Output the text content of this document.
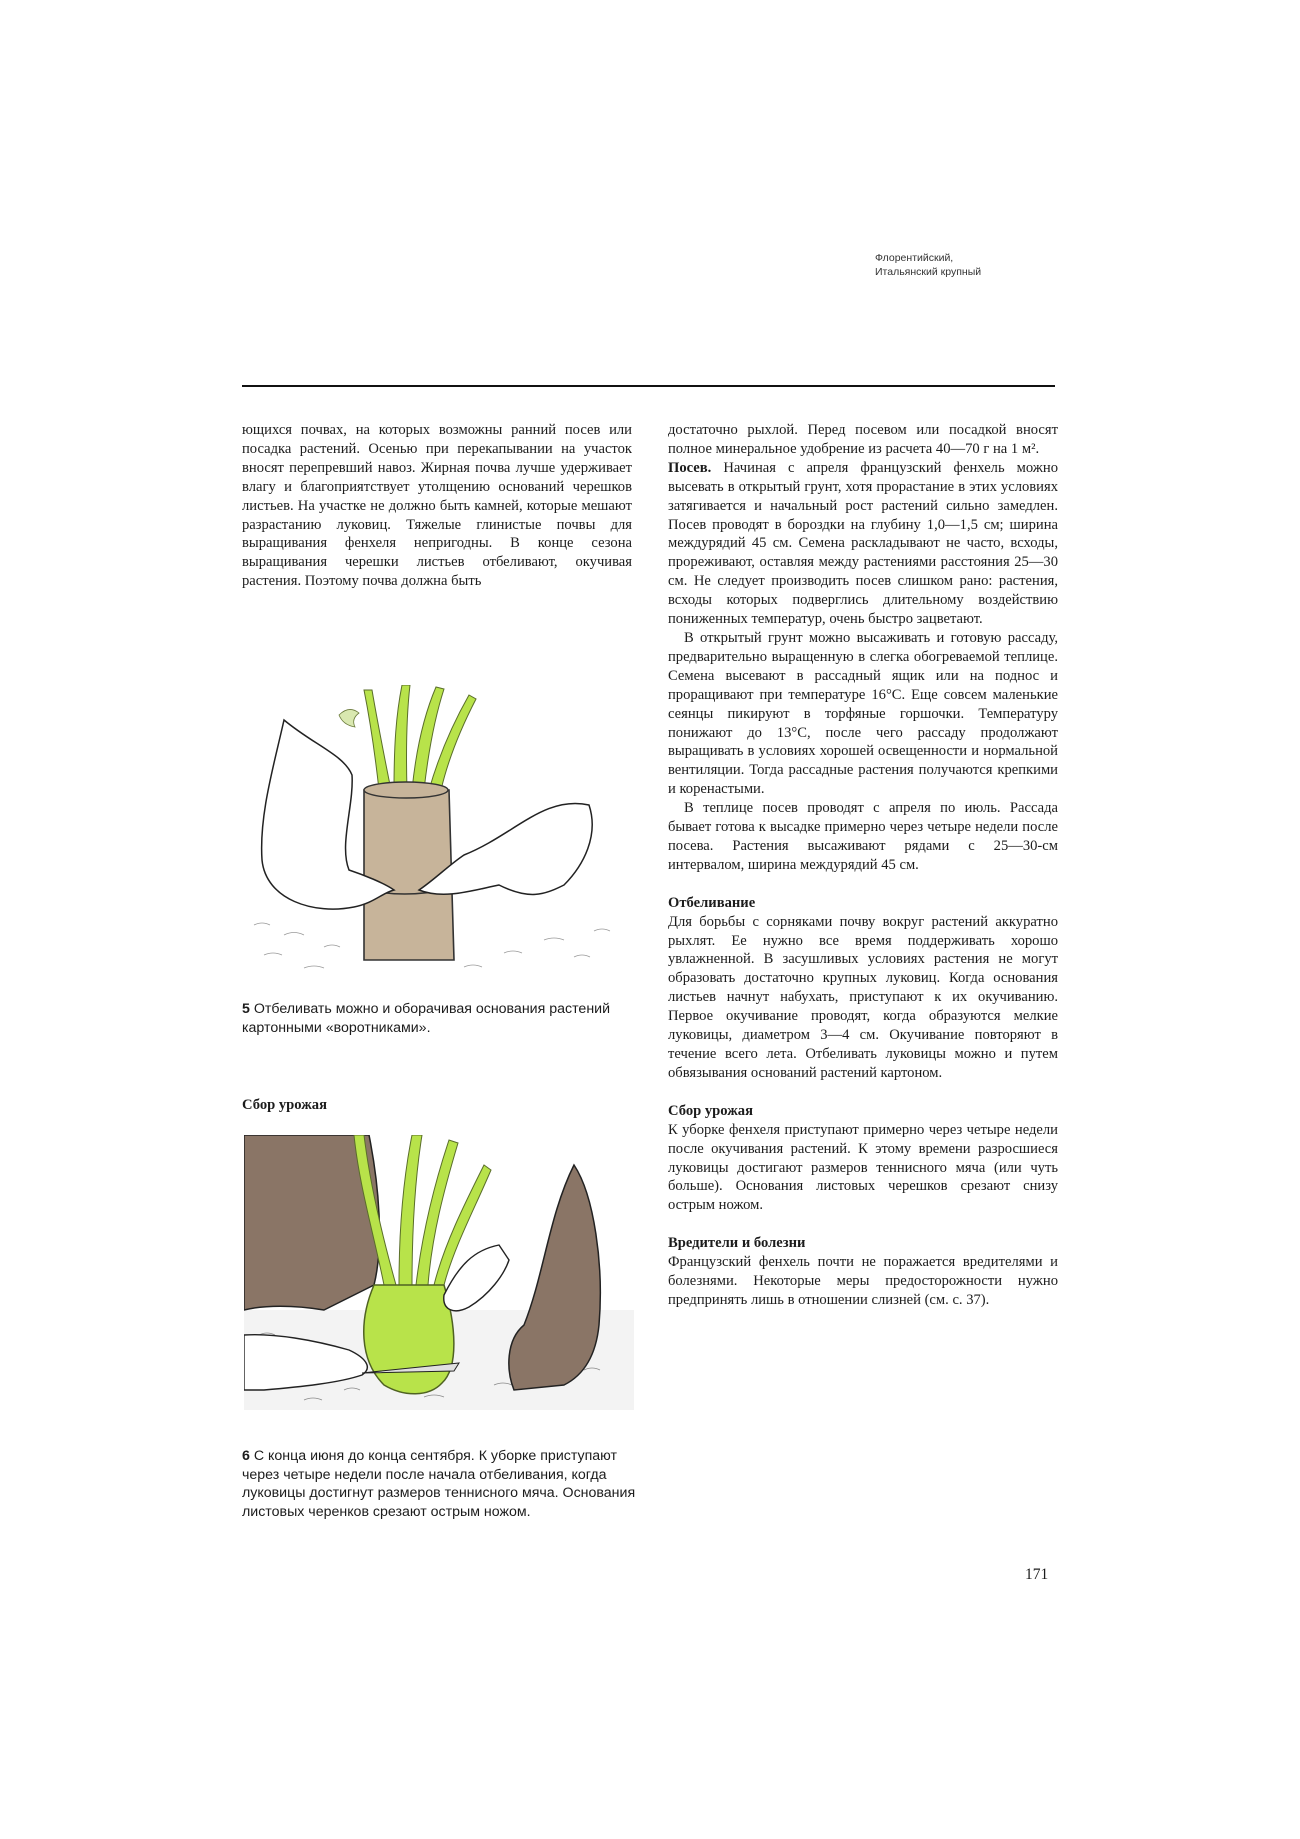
Флорентийский,
Итальянский крупный

ющихся почвах, на которых возможны ранний посев или посадка растений. Осенью при перекапывании на участок вносят перепревший навоз. Жирная почва лучше удерживает влагу и благоприятствует утолщению оснований черешков листьев. На участке не должно быть камней, которые мешают разрастанию луковиц. Тяжелые глинистые почвы для выращивания фенхеля непригодны. В конце сезона выращивания черешки листьев отбеливают, окучивая растения. Поэтому почва должна быть

5 Отбеливать можно и оборачивая основания растений картонными «воротниками».
Сбор урожая
6 С конца июня до конца сентября. К уборке приступают через четыре недели после начала отбеливания, когда луковицы достигнут размеров теннисного мяча. Основания листовых черенков срезают острым ножом.

достаточно рыхлой. Перед посевом или посадкой вносят полное минеральное удобрение из расчета 40—70 г на 1 м².

Посев. Начиная с апреля французский фенхель можно высевать в открытый грунт, хотя прорастание в этих условиях затягивается и начальный рост растений сильно замедлен. Посев проводят в бороздки на глубину 1,0—1,5 см; ширина междурядий 45 см. Семена раскладывают не часто, всходы, прореживают, оставляя между растениями расстояния 25—30 см. Не следует производить посев слишком рано: растения, всходы которых подверглись длительному воздействию пониженных температур, очень быстро зацветают.

В открытый грунт можно высаживать и готовую рассаду, предварительно выращенную в слегка обогреваемой теплице. Семена высевают в рассадный ящик или на поднос и проращивают при температуре 16°С. Еще совсем маленькие сеянцы пикируют в торфяные горшочки. Температуру понижают до 13°С, после чего рассаду продолжают выращивать в условиях хорошей освещенности и нормальной вентиляции. Тогда рассадные растения получаются крепкими и коренастыми.

В теплице посев проводят с апреля по июль. Рассада бывает готова к высадке примерно через четыре недели после посева. Растения высаживают рядами с 25—30-см интервалом, ширина междурядий 45 см.

Отбеливание

Для борьбы с сорняками почву вокруг растений аккуратно рыхлят. Ее нужно все время поддерживать хорошо увлажненной. В засушливых условиях растения не могут образовать достаточно крупных луковиц. Когда основания листьев начнут набухать, приступают к их окучиванию. Первое окучивание проводят, когда образуются мелкие луковицы, диаметром 3—4 см. Окучивание повторяют в течение всего лета. Отбеливать луковицы можно и путем обвязывания оснований растений картоном.

Сбор урожая

К уборке фенхеля приступают примерно через четыре недели после окучивания растений. К этому времени разросшиеся луковицы достигают размеров теннисного мяча (или чуть больше). Основания листовых черешков срезают снизу острым ножом.

Вредители и болезни

Французский фенхель почти не поражается вредителями и болезнями. Некоторые меры предосторожности нужно предпринять лишь в отношении слизней (см. с. 37).

171
